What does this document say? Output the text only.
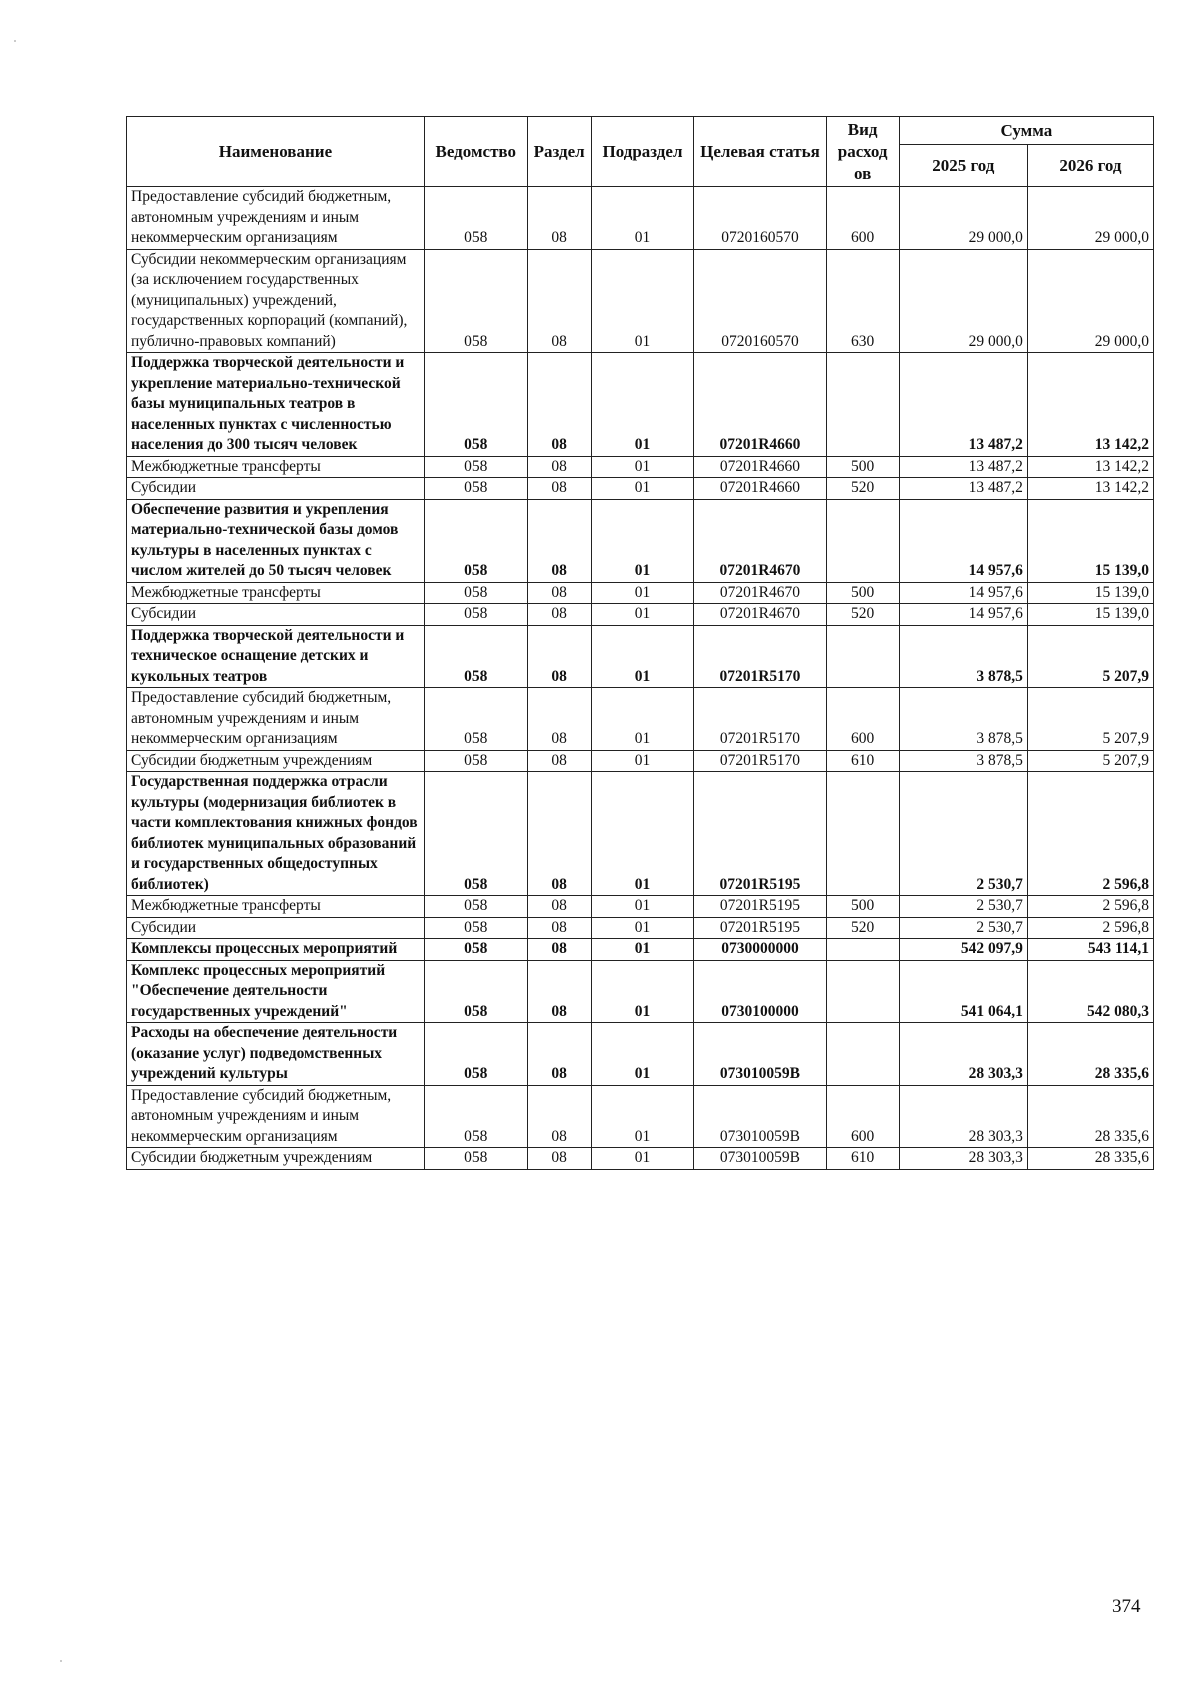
Наименование	Ведомство	Раздел	Подраздел	Целевая статья	Вид расход ов	Сумма	
						2025 год	2026 год
Предоставление субсидий бюджетным, автономным учреждениям и иным некоммерческим организациям	058	08	01	0720160570	600	29 000,0	29 000,0
Субсидии некоммерческим организациям (за исключением государственных (муниципальных) учреждений, государственных корпораций (компаний), публично-правовых компаний)	058	08	01	0720160570	630	29 000,0	29 000,0
Поддержка творческой деятельности и укрепление материально-технической базы муниципальных театров в населенных пунктах с численностью населения до 300 тысяч человек	058	08	01	07201R4660		13 487,2	13 142,2
Межбюджетные трансферты	058	08	01	07201R4660	500	13 487,2	13 142,2
Субсидии	058	08	01	07201R4660	520	13 487,2	13 142,2
Обеспечение развития и укрепления материально-технической базы домов культуры в населенных пунктах с числом жителей до 50 тысяч человек	058	08	01	07201R4670		14 957,6	15 139,0
Межбюджетные трансферты	058	08	01	07201R4670	500	14 957,6	15 139,0
Субсидии	058	08	01	07201R4670	520	14 957,6	15 139,0
Поддержка творческой деятельности и техническое оснащение детских и кукольных театров	058	08	01	07201R5170		3 878,5	5 207,9
Предоставление субсидий бюджетным, автономным учреждениям и иным некоммерческим организациям	058	08	01	07201R5170	600	3 878,5	5 207,9
Субсидии бюджетным учреждениям	058	08	01	07201R5170	610	3 878,5	5 207,9
Государственная поддержка отрасли культуры (модернизация библиотек в части комплектования книжных фондов библиотек муниципальных образований и государственных общедоступных библиотек)	058	08	01	07201R5195		2 530,7	2 596,8
Межбюджетные трансферты	058	08	01	07201R5195	500	2 530,7	2 596,8
Субсидии	058	08	01	07201R5195	520	2 530,7	2 596,8
Комплексы процессных мероприятий	058	08	01	0730000000		542 097,9	543 114,1
Комплекс процессных мероприятий "Обеспечение деятельности государственных учреждений"	058	08	01	0730100000		541 064,1	542 080,3
Расходы на обеспечение деятельности (оказание услуг) подведомственных учреждений культуры	058	08	01	073010059В		28 303,3	28 335,6
Предоставление субсидий бюджетным, автономным учреждениям и иным некоммерческим организациям	058	08	01	073010059В	600	28 303,3	28 335,6
Субсидии бюджетным учреждениям	058	08	01	073010059В	610	28 303,3	28 335,6
374
